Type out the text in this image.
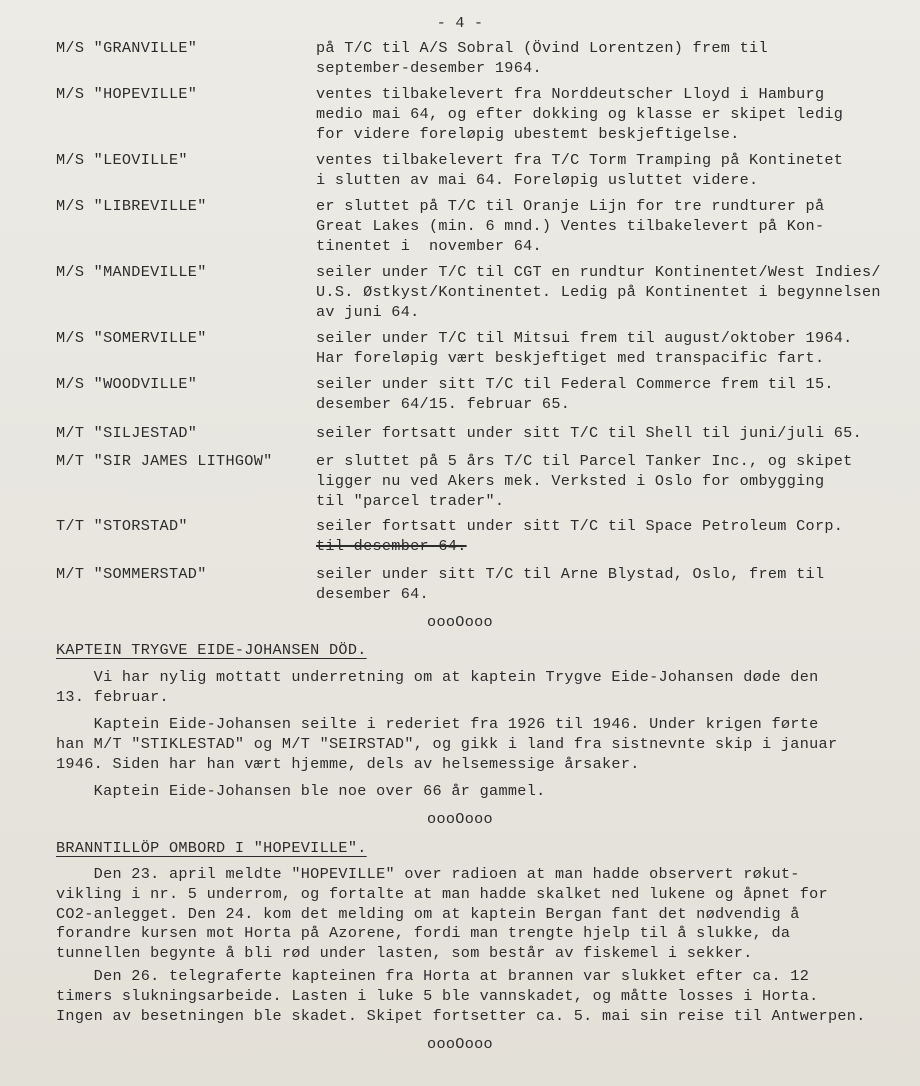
- 4 -
M/S "GRANVILLE"	på T/C til A/S Sobral (Övind Lorentzen) frem til
september-desember 1964.
M/S "HOPEVILLE"	ventes tilbakelevert fra Norddeutscher Lloyd i Hamburg
medio mai 64, og efter dokking og klasse er skipet ledig
for videre foreløpig ubestemt beskjeftigelse.
M/S "LEOVILLE"	ventes tilbakelevert fra T/C Torm Tramping på Kontinetet
i slutten av mai 64. Foreløpig usluttet videre.
M/S "LIBREVILLE"	er sluttet på T/C til Oranje Lijn for tre rundturer på
Great Lakes (min. 6 mnd.) Ventes tilbakelevert på Kon-
tinentet i  november 64.
M/S "MANDEVILLE"	seiler under T/C til CGT en rundtur Kontinentet/West Indies/
U.S. Østkyst/Kontinentet. Ledig på Kontinentet i begynnelsen
av juni 64.
M/S "SOMERVILLE"	seiler under T/C til Mitsui frem til august/oktober 1964.
Har foreløpig vært beskjeftiget med transpacific fart.
M/S "WOODVILLE"	seiler under sitt T/C til Federal Commerce frem til 15.
desember 64/15. februar 65.
M/T "SILJESTAD"	seiler fortsatt under sitt T/C til Shell til juni/juli 65.
M/T "SIR JAMES LITHGOW"	er sluttet på 5 års T/C til Parcel Tanker Inc., og skipet
ligger nu ved Akers mek. Verksted i Oslo for ombygging
til "parcel trader".
T/T "STORSTAD"	seiler fortsatt under sitt T/C til Space Petroleum Corp.
til desember 64.
M/T "SOMMERSTAD"	seiler under sitt T/C til Arne Blystad, Oslo, frem til
desember 64.
oooOooo
KAPTEIN TRYGVE EIDE-JOHANSEN DÖD.
Vi har nylig mottatt underretning om at kaptein Trygve Eide-Johansen døde den
13. februar.
Kaptein Eide-Johansen seilte i rederiet fra 1926 til 1946. Under krigen førte
han M/T "STIKLESTAD" og M/T "SEIRSTAD", og gikk i land fra sistnevnte skip i januar
1946. Siden har han vært hjemme, dels av helsemessige årsaker.
Kaptein Eide-Johansen ble noe over 66 år gammel.
oooOooo
BRANNTILLÖP OMBORD I "HOPEVILLE".
Den 23. april meldte "HOPEVILLE" over radioen at man hadde observert røkut-
vikling i nr. 5 underrom, og fortalte at man hadde skalket ned lukene og åpnet for
CO2-anlegget. Den 24. kom det melding om at kaptein Bergan fant det nødvendig å
forandre kursen mot Horta på Azorene, fordi man trengte hjelp til å slukke, da
tunnellen begynte å bli rød under lasten, som består av fiskemel i sekker.
Den 26. telegraferte kapteinen fra Horta at brannen var slukket efter ca. 12
timers slukningsarbeide. Lasten i luke 5 ble vannskadet, og måtte losses i Horta.
Ingen av besetningen ble skadet. Skipet fortsetter ca. 5. mai sin reise til Antwerpen.
oooOooo
